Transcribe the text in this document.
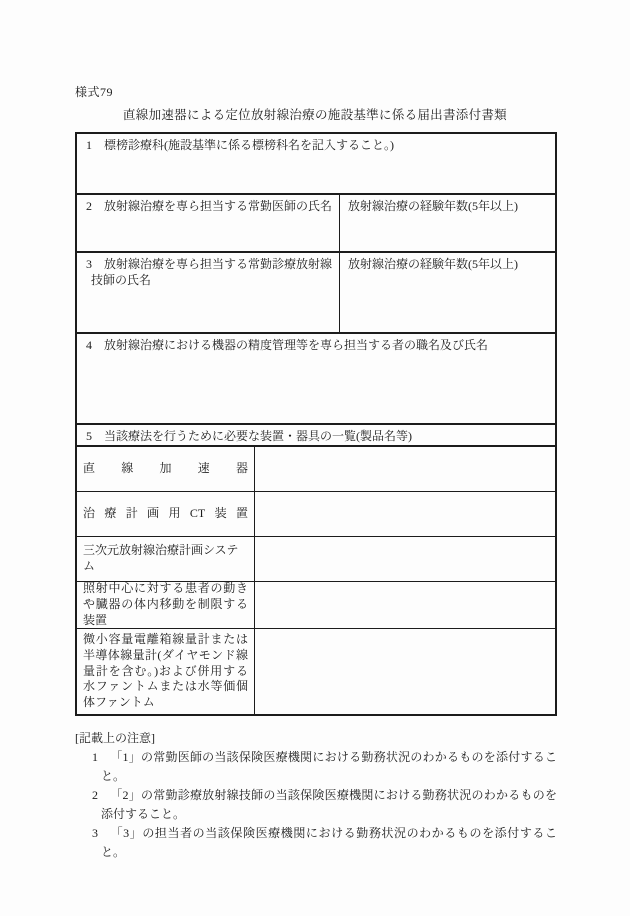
様式79
直線加速器による定位放射線治療の施設基準に係る届出書添付書類
1 標榜診療科(施設基準に係る標榜科名を記入すること。)
2 放射線治療を専ら担当する常勤医師の氏名	放射線治療の経験年数(5年以上)
3 放射線治療を専ら担当する常勤診療放射線技師の氏名
放射線治療の経験年数(5年以上)
4 放射線治療における機器の精度管理等を専ら担当する者の職名及び氏名
5 当該療法を行うために必要な装置・器具の一覧(製品名等)
直線加速器
治療計画用CT装置
三次元放射線治療計画システム
照射中心に対する患者の動きや臓器の体内移動を制限する装置
微小容量電離箱線量計または半導体線量計(ダイヤモンド線量計を含む。)および併用する水ファントムまたは水等価個体ファントム
[記載上の注意]
1 「1」の常勤医師の当該保険医療機関における勤務状況のわかるものを添付すること。
2 「2」の常勤診療放射線技師の当該保険医療機関における勤務状況のわかるものを添付すること。
3 「3」の担当者の当該保険医療機関における勤務状況のわかるものを添付すること。
